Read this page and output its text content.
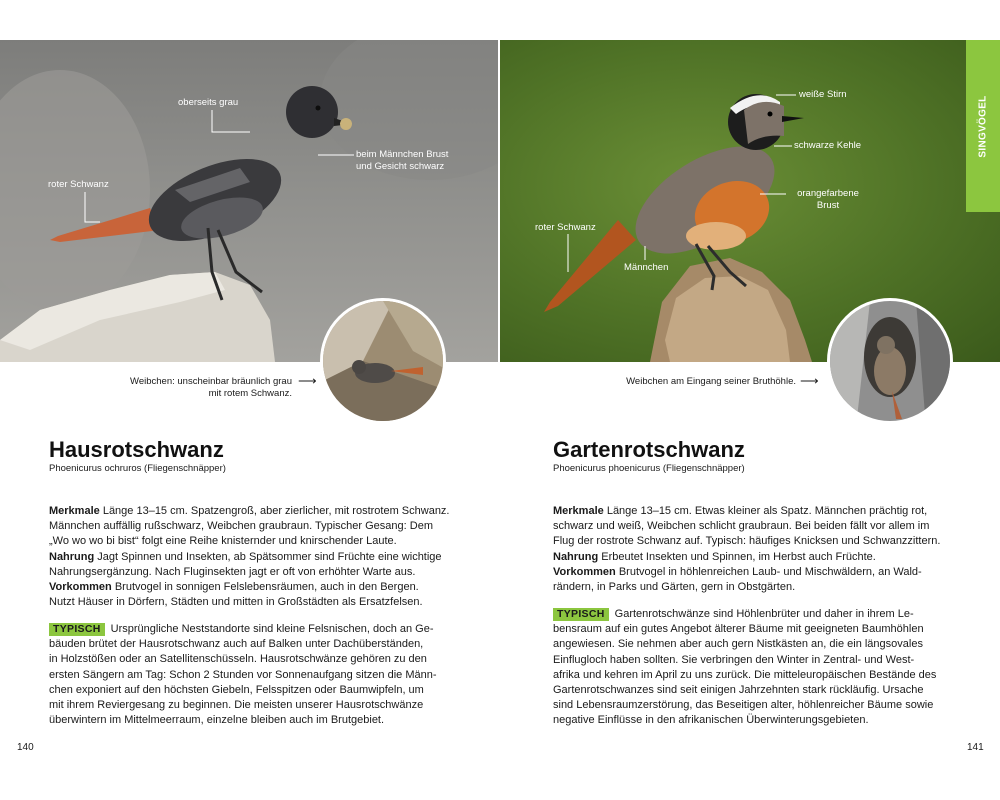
oberseits grau
beim Männchen Brust
und Gesicht schwarz
roter Schwanz
Weibchen: unscheinbar bräunlich grau
mit rotem Schwanz.
⟶
weiße Stirn
schwarze Kehle
orangefarbene
Brust
roter Schwanz
Männchen
Weibchen am Eingang seiner Bruthöhle. ⟶
SINGVÖGEL
Hausrotschwanz
Phoenicurus ochruros (Fliegenschnäpper)
Merkmale Länge 13–15 cm. Spatzengroß, aber zierlicher, mit rostrotem Schwanz.
Männchen auffällig rußschwarz, Weibchen graubraun. Typischer Gesang: Dem
„Wo wo wo bi bist“ folgt eine Reihe knisternder und knirschender Laute.
Nahrung Jagt Spinnen und Insekten, ab Spätsommer sind Früchte eine wichtige
Nahrungsergänzung. Nach Fluginsekten jagt er oft von erhöhter Warte aus.
Vorkommen Brutvogel in sonnigen Felslebensräumen, auch in den Bergen.
Nutzt Häuser in Dörfern, Städten und mitten in Großstädten als Ersatzfelsen.
TYPISCH Ursprüngliche Neststandorte sind kleine Felsnischen, doch an Ge-
bäuden brütet der Hausrotschwanz auch auf Balken unter Dachüberständen,
in Holzstößen oder an Satellitenschüsseln. Hausrotschwänze gehören zu den
ersten Sängern am Tag: Schon 2 Stunden vor Sonnenaufgang sitzen die Männ-
chen exponiert auf den höchsten Giebeln, Felsspitzen oder Baumwipfeln, um
mit ihrem Reviergesang zu beginnen. Die meisten unserer Hausrotschwänze
überwintern im Mittelmeerraum, einzelne bleiben auch im Brutgebiet.
Gartenrotschwanz
Phoenicurus phoenicurus (Fliegenschnäpper)
Merkmale Länge 13–15 cm. Etwas kleiner als Spatz. Männchen prächtig rot,
schwarz und weiß, Weibchen schlicht graubraun. Bei beiden fällt vor allem im
Flug der rostrote Schwanz auf. Typisch: häufiges Knicksen und Schwanzzittern.
Nahrung Erbeutet Insekten und Spinnen, im Herbst auch Früchte.
Vorkommen Brutvogel in höhlenreichen Laub- und Mischwäldern, an Wald-
rändern, in Parks und Gärten, gern in Obstgärten.
TYPISCH Gartenrotschwänze sind Höhlenbrüter und daher in ihrem Le-
bensraum auf ein gutes Angebot älterer Bäume mit geeigneten Baumhöhlen
angewiesen. Sie nehmen aber auch gern Nistkästen an, die ein längsovales
Einflugloch haben sollten. Sie verbringen den Winter in Zentral- und West-
afrika und kehren im April zu uns zurück. Die mitteleuropäischen Bestände des
Gartenrotschwanzes sind seit einigen Jahrzehnten stark rückläufig. Ursache
sind Lebensraumzerstörung, das Beseitigen alter, höhlenreicher Bäume sowie
negative Einflüsse in den afrikanischen Überwinterungsgebieten.
140	141
